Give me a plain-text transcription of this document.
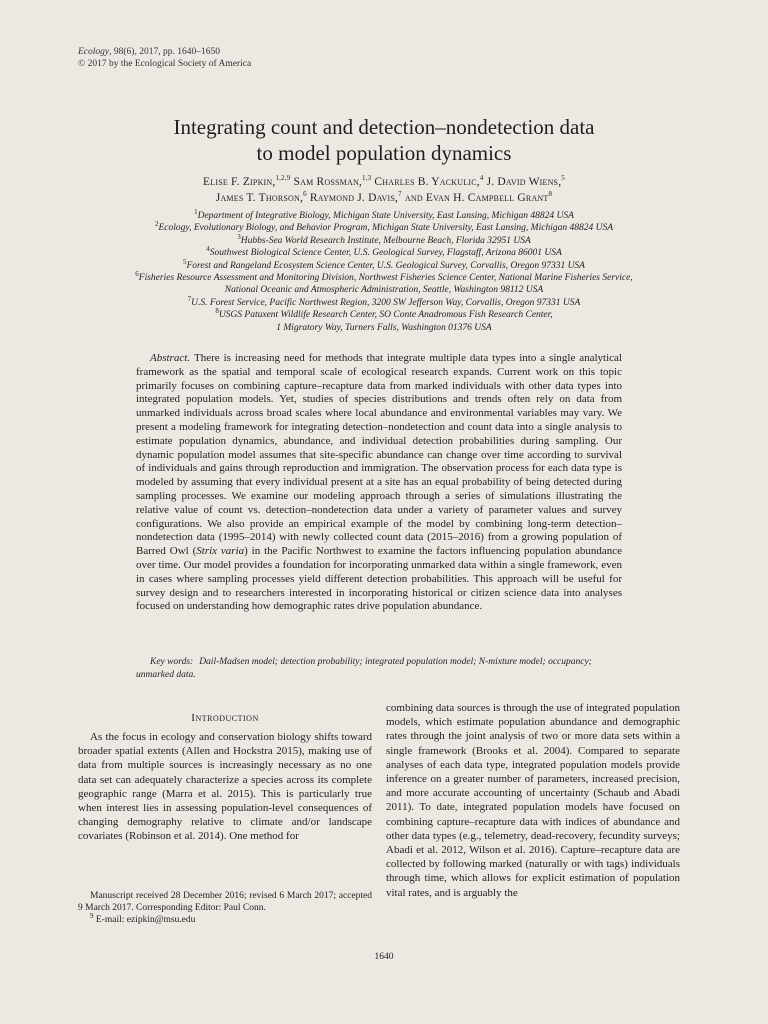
Ecology, 98(6), 2017, pp. 1640–1650
© 2017 by the Ecological Society of America
Integrating count and detection–nondetection data
to model population dynamics
Elise F. Zipkin,$^{1,2,9}$ Sam Rossman,$^{1,3}$ Charles B. Yackulic,$^4$ J. David Wiens,$^5$
James T. Thorson,$^6$ Raymond J. Davis,$^7$ and Evan H. Campbell Grant$^8$
$^1$Department of Integrative Biology, Michigan State University, East Lansing, Michigan 48824 USA
$^2$Ecology, Evolutionary Biology, and Behavior Program, Michigan State University, East Lansing, Michigan 48824 USA
$^3$Hubbs-Sea World Research Institute, Melbourne Beach, Florida 32951 USA
$^4$Southwest Biological Science Center, U.S. Geological Survey, Flagstaff, Arizona 86001 USA
$^5$Forest and Rangeland Ecosystem Science Center, U.S. Geological Survey, Corvallis, Oregon 97331 USA
$^6$Fisheries Resource Assessment and Monitoring Division, Northwest Fisheries Science Center, National Marine Fisheries Service,
National Oceanic and Atmospheric Administration, Seattle, Washington 98112 USA
$^7$U.S. Forest Service, Pacific Northwest Region, 3200 SW Jefferson Way, Corvallis, Oregon 97331 USA
$^8$USGS Patuxent Wildlife Research Center, SO Conte Anadromous Fish Research Center,
1 Migratory Way, Turners Falls, Washington 01376 USA
Abstract. There is increasing need for methods that integrate multiple data types into a single analytical framework as the spatial and temporal scale of ecological research expands. Current work on this topic primarily focuses on combining capture–recapture data from marked individuals with other data types into integrated population models. Yet, studies of species distributions and trends often rely on data from unmarked individuals across broad scales where local abundance and environmental variables may vary. We present a modeling framework for integrating detection–nondetection and count data into a single analysis to estimate population dynamics, abundance, and individual detection probabilities during sampling. Our dynamic population model assumes that site-specific abundance can change over time according to survival of individuals and gains through reproduction and immigration. The observation process for each data type is modeled by assuming that every individual present at a site has an equal probability of being detected during sampling processes. We examine our modeling approach through a series of simulations illustrating the relative value of count vs. detection–nondetection data under a variety of parameter values and survey configurations. We also provide an empirical example of the model by combining long-term detection–nondetection data (1995–2014) with newly collected count data (2015–2016) from a growing population of Barred Owl (Strix varia) in the Pacific Northwest to examine the factors influencing population abundance over time. Our model provides a foundation for incorporating unmarked data within a single framework, even in cases where sampling processes yield different detection probabilities. This approach will be useful for survey design and to researchers interested in incorporating historical or citizen science data into analyses focused on understanding how demographic rates drive population abundance.
Key words: Dail-Madsen model; detection probability; integrated population model; N-mixture model; occupancy; unmarked data.
Introduction
As the focus in ecology and conservation biology shifts toward broader spatial extents (Allen and Hockstra 2015), making use of data from multiple sources is increasingly necessary as no one data set can adequately characterize a species across its complete geographic range (Marra et al. 2015). This is particularly true when interest lies in assessing population-level consequences of changing demography relative to climate and/or landscape covariates (Robinson et al. 2014). One method for
combining data sources is through the use of integrated population models, which estimate population abundance and demographic rates through the joint analysis of two or more data sets within a single framework (Brooks et al. 2004). Compared to separate analyses of each data type, integrated population models provide inference on a greater number of parameters, increased precision, and more accurate accounting of uncertainty (Schaub and Abadi 2011). To date, integrated population models have focused on combining capture–recapture data with indices of abundance and other data types (e.g., telemetry, dead-recovery, fecundity surveys; Abadi et al. 2012, Wilson et al. 2016). Capture–recapture data are collected by following marked (naturally or with tags) individuals through time, which allows for explicit estimation of population vital rates, and is arguably the
Manuscript received 28 December 2016; revised 6 March 2017; accepted 9 March 2017. Corresponding Editor: Paul Conn.
$^9$ E-mail: ezipkin@msu.edu
1640
